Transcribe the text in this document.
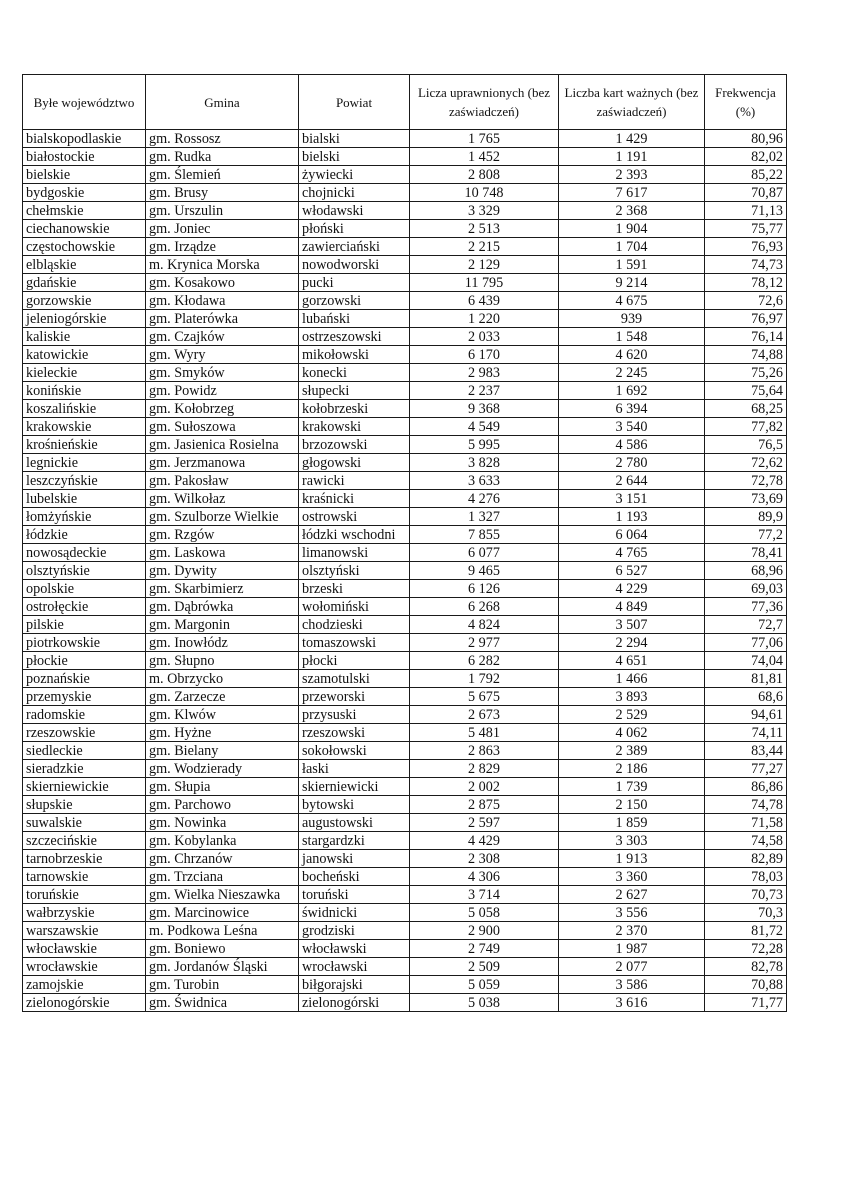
Byłe województwo	Gmina	Powiat	Licza uprawnionych (bez zaświadczeń)	Liczba kart ważnych (bez zaświadczeń)	Frekwencja (%)
bialskopodlaskie	gm. Rossosz	bialski	1 765	1 429	80,96
białostockie	gm. Rudka	bielski	1 452	1 191	82,02
bielskie	gm. Ślemień	żywiecki	2 808	2 393	85,22
bydgoskie	gm. Brusy	chojnicki	10 748	7 617	70,87
chełmskie	gm. Urszulin	włodawski	3 329	2 368	71,13
ciechanowskie	gm. Joniec	płoński	2 513	1 904	75,77
częstochowskie	gm. Irządze	zawierciański	2 215	1 704	76,93
elbląskie	m. Krynica Morska	nowodworski	2 129	1 591	74,73
gdańskie	gm. Kosakowo	pucki	11 795	9 214	78,12
gorzowskie	gm. Kłodawa	gorzowski	6 439	4 675	72,6
jeleniogórskie	gm. Platerówka	lubański	1 220	939	76,97
kaliskie	gm. Czajków	ostrzeszowski	2 033	1 548	76,14
katowickie	gm. Wyry	mikołowski	6 170	4 620	74,88
kieleckie	gm. Smyków	konecki	2 983	2 245	75,26
konińskie	gm. Powidz	słupecki	2 237	1 692	75,64
koszalińskie	gm. Kołobrzeg	kołobrzeski	9 368	6 394	68,25
krakowskie	gm. Sułoszowa	krakowski	4 549	3 540	77,82
krośnieńskie	gm. Jasienica Rosielna	brzozowski	5 995	4 586	76,5
legnickie	gm. Jerzmanowa	głogowski	3 828	2 780	72,62
leszczyńskie	gm. Pakosław	rawicki	3 633	2 644	72,78
lubelskie	gm. Wilkołaz	kraśnicki	4 276	3 151	73,69
łomżyńskie	gm. Szulborze Wielkie	ostrowski	1 327	1 193	89,9
łódzkie	gm. Rzgów	łódzki wschodni	7 855	6 064	77,2
nowosądeckie	gm. Laskowa	limanowski	6 077	4 765	78,41
olsztyńskie	gm. Dywity	olsztyński	9 465	6 527	68,96
opolskie	gm. Skarbimierz	brzeski	6 126	4 229	69,03
ostrołęckie	gm. Dąbrówka	wołomiński	6 268	4 849	77,36
pilskie	gm. Margonin	chodzieski	4 824	3 507	72,7
piotrkowskie	gm. Inowłódz	tomaszowski	2 977	2 294	77,06
płockie	gm. Słupno	płocki	6 282	4 651	74,04
poznańskie	m. Obrzycko	szamotulski	1 792	1 466	81,81
przemyskie	gm. Zarzecze	przeworski	5 675	3 893	68,6
radomskie	gm. Klwów	przysuski	2 673	2 529	94,61
rzeszowskie	gm. Hyżne	rzeszowski	5 481	4 062	74,11
siedleckie	gm. Bielany	sokołowski	2 863	2 389	83,44
sieradzkie	gm. Wodzierady	łaski	2 829	2 186	77,27
skierniewickie	gm. Słupia	skierniewicki	2 002	1 739	86,86
słupskie	gm. Parchowo	bytowski	2 875	2 150	74,78
suwalskie	gm. Nowinka	augustowski	2 597	1 859	71,58
szczecińskie	gm. Kobylanka	stargardzki	4 429	3 303	74,58
tarnobrzeskie	gm. Chrzanów	janowski	2 308	1 913	82,89
tarnowskie	gm. Trzciana	bocheński	4 306	3 360	78,03
toruńskie	gm. Wielka Nieszawka	toruński	3 714	2 627	70,73
wałbrzyskie	gm. Marcinowice	świdnicki	5 058	3 556	70,3
warszawskie	m. Podkowa Leśna	grodziski	2 900	2 370	81,72
włocławskie	gm. Boniewo	włocławski	2 749	1 987	72,28
wrocławskie	gm. Jordanów Śląski	wrocławski	2 509	2 077	82,78
zamojskie	gm. Turobin	biłgorajski	5 059	3 586	70,88
zielonogórskie	gm. Świdnica	zielonogórski	5 038	3 616	71,77
